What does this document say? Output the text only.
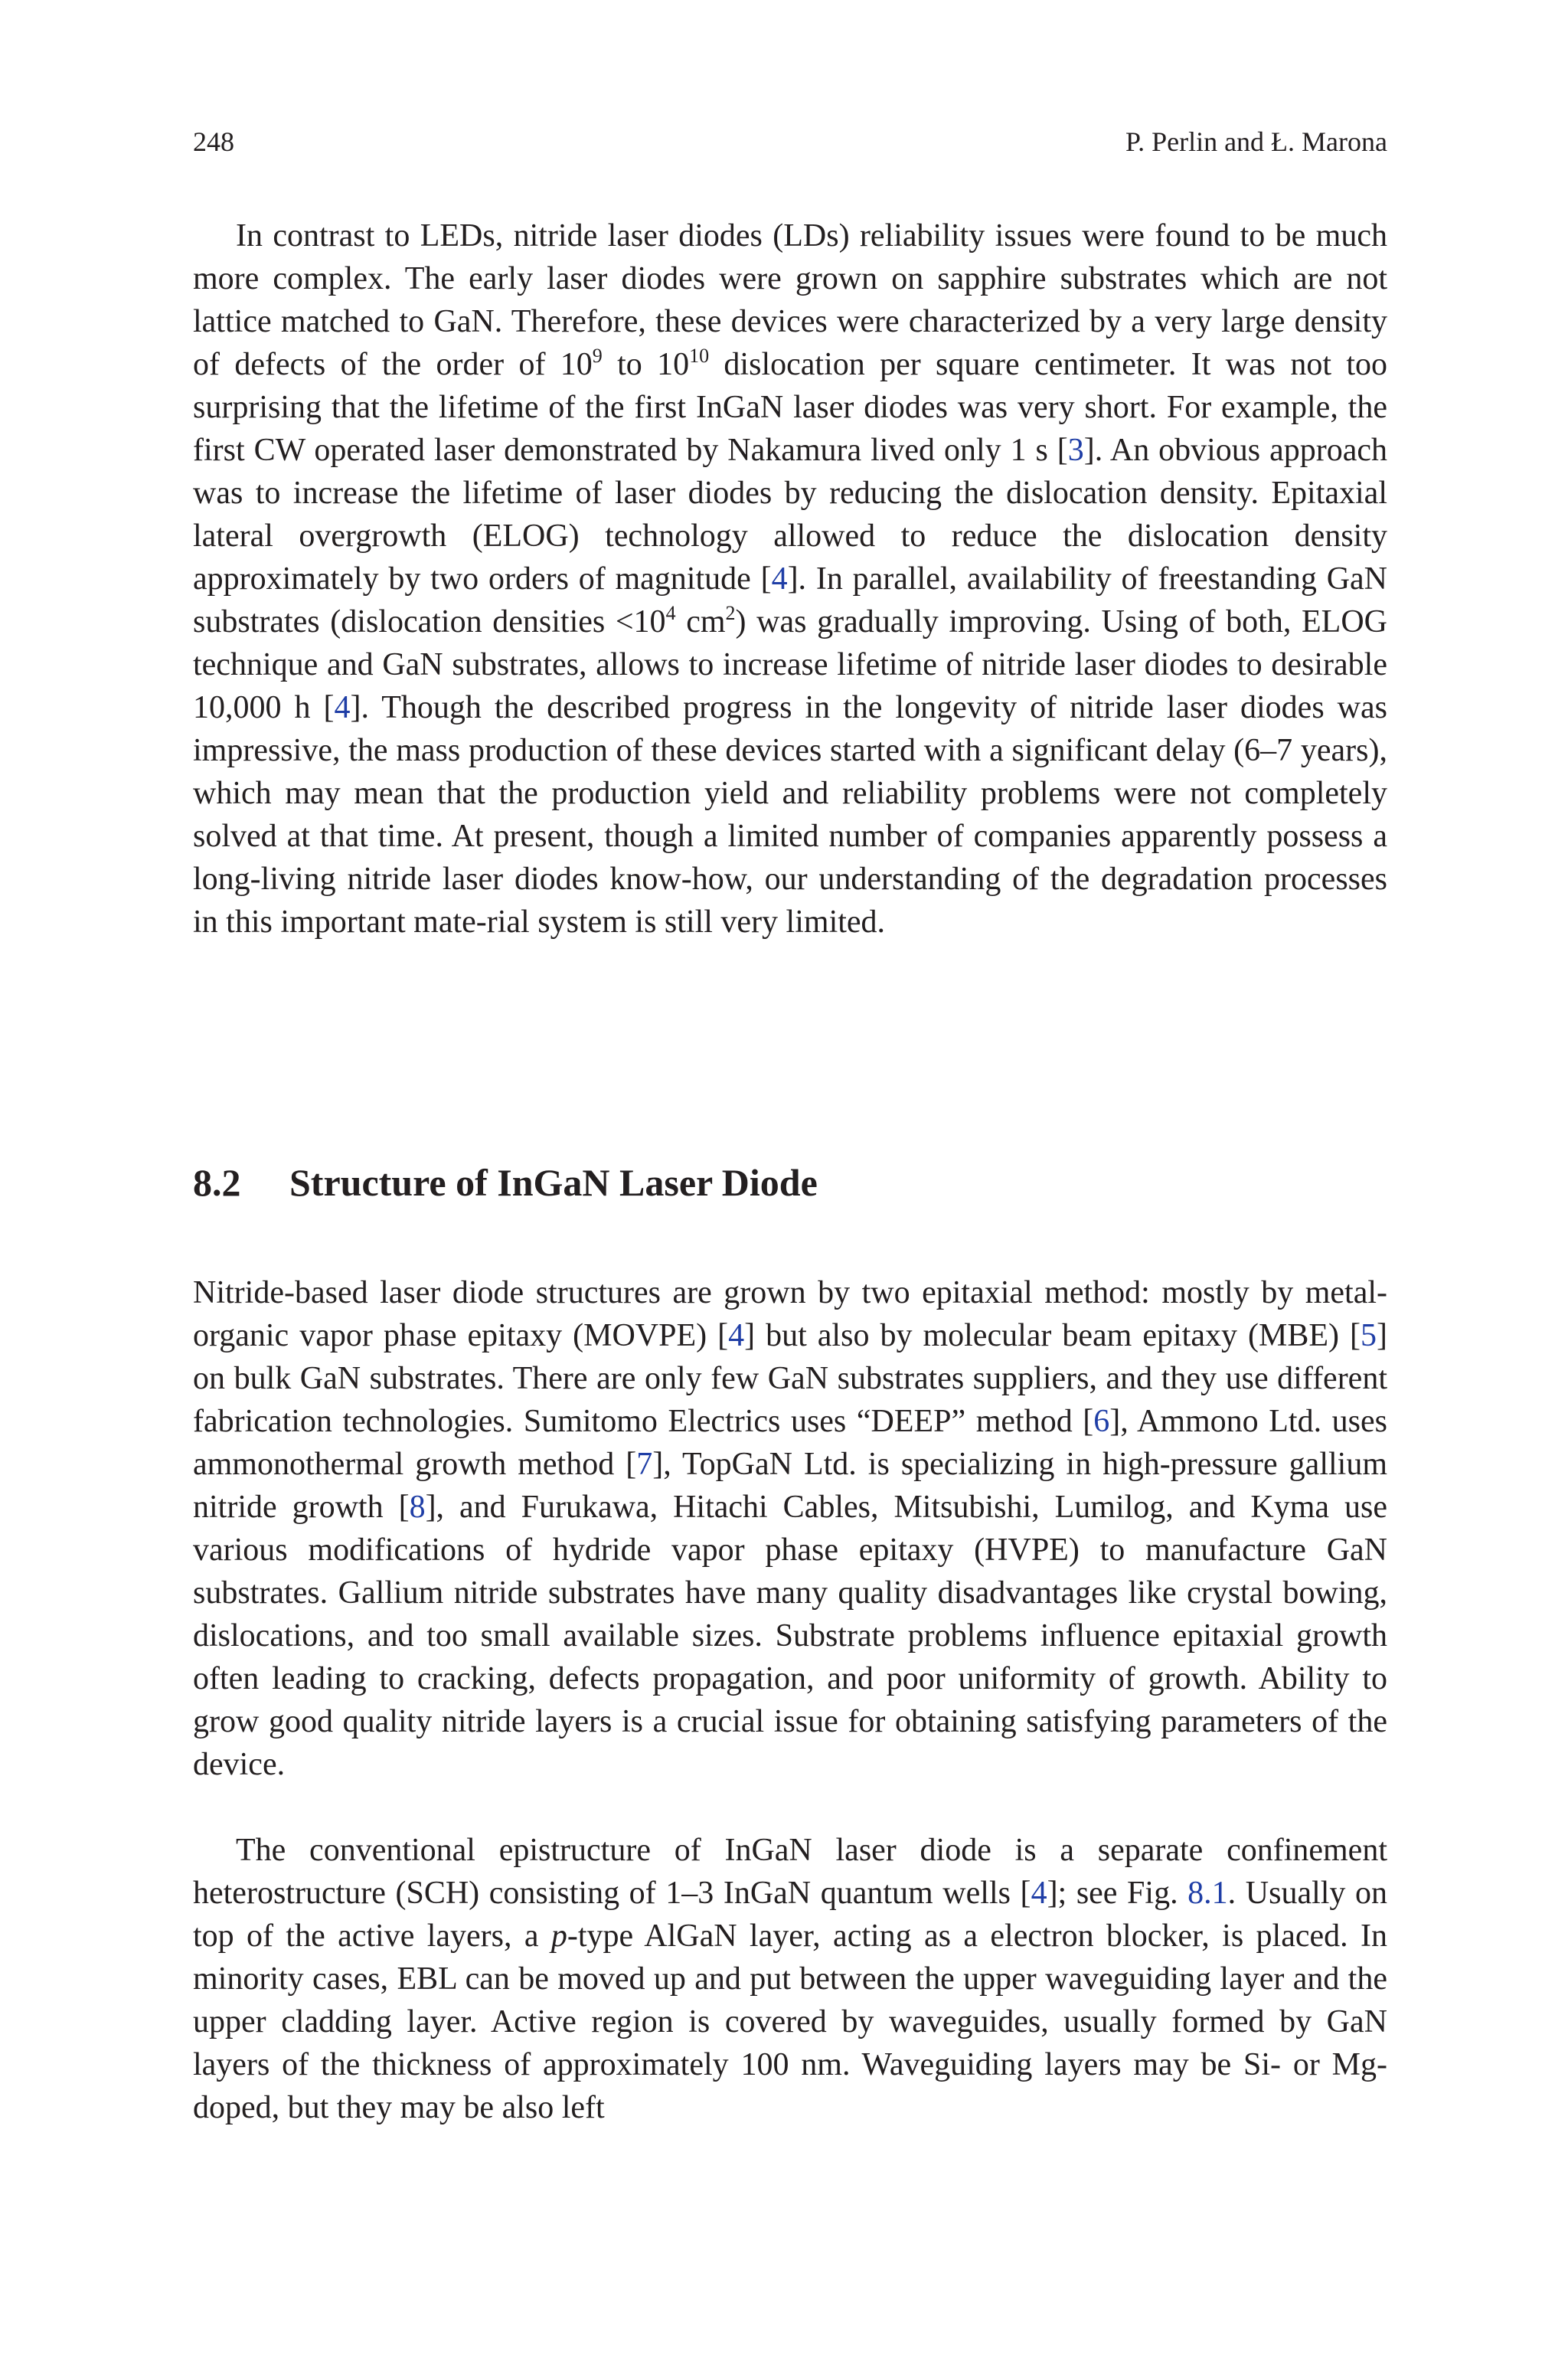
248	P. Perlin and Ł. Marona

In contrast to LEDs, nitride laser diodes (LDs) reliability issues were found to be much more complex. The early laser diodes were grown on sapphire substrates which are not lattice matched to GaN. Therefore, these devices were characterized by a very large density of defects of the order of $10^9$ to $10^{10}$ dislocation per square centimeter. It was not too surprising that the lifetime of the first InGaN laser diodes was very short. For example, the first CW operated laser demonstrated by Nakamura lived only 1 s [3]. An obvious approach was to increase the lifetime of laser diodes by reducing the dislocation density. Epitaxial lateral overgrowth (ELOG) technology allowed to reduce the dislocation density approximately by two orders of magnitude [4]. In parallel, availability of freestanding GaN substrates (dislocation densities $<10^4$ $cm^2$) was gradually improving. Using of both, ELOG technique and GaN substrates, allows to increase lifetime of nitride laser diodes to desirable 10,000 h [4]. Though the described progress in the longevity of nitride laser diodes was impressive, the mass production of these devices started with a significant delay (6–7 years), which may mean that the production yield and reliability problems were not completely solved at that time. At present, though a limited number of companies apparently possess a long-living nitride laser diodes know-how, our understanding of the degradation processes in this important mate-rial system is still very limited.

8.2 Structure of InGaN Laser Diode

Nitride-based laser diode structures are grown by two epitaxial method: mostly by metal-organic vapor phase epitaxy (MOVPE) [4] but also by molecular beam epitaxy (MBE) [5] on bulk GaN substrates. There are only few GaN substrates suppliers, and they use different fabrication technologies. Sumitomo Electrics uses “DEEP” method [6], Ammono Ltd. uses ammonothermal growth method [7], TopGaN Ltd. is specializing in high-pressure gallium nitride growth [8], and Furukawa, Hitachi Cables, Mitsubishi, Lumilog, and Kyma use various modifications of hydride vapor phase epitaxy (HVPE) to manufacture GaN substrates. Gallium nitride substrates have many quality disadvantages like crystal bowing, dislocations, and too small available sizes. Substrate problems influence epitaxial growth often leading to cracking, defects propagation, and poor uniformity of growth. Ability to grow good quality nitride layers is a crucial issue for obtaining satisfying parameters of the device.

The conventional epistructure of InGaN laser diode is a separate confinement heterostructure (SCH) consisting of 1–3 InGaN quantum wells [4]; see Fig. 8.1. Usually on top of the active layers, a p-type AlGaN layer, acting as a electron blocker, is placed. In minority cases, EBL can be moved up and put between the upper waveguiding layer and the upper cladding layer. Active region is covered by waveguides, usually formed by GaN layers of the thickness of approximately 100 nm. Waveguiding layers may be Si- or Mg-doped, but they may be also left
